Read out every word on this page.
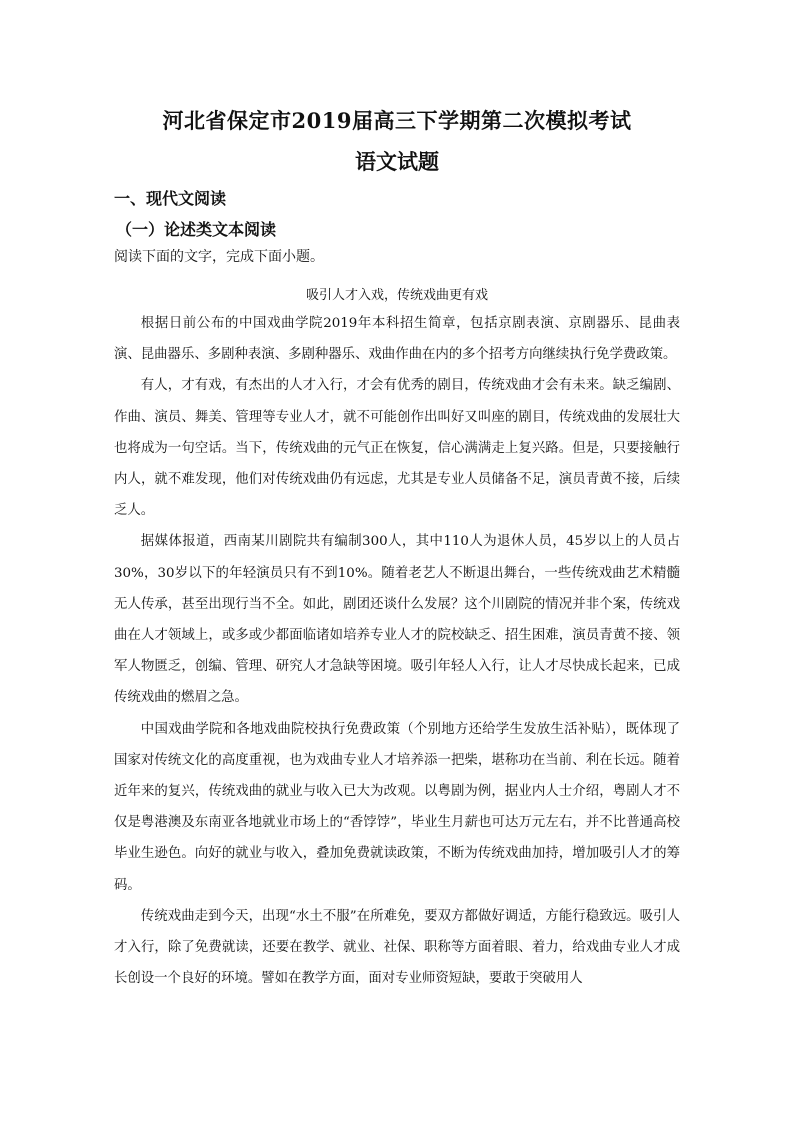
河北省保定市2019届高三下学期第二次模拟考试
语文试题
一、现代文阅读
（一）论述类文本阅读
阅读下面的文字，完成下面小题。
吸引人才入戏，传统戏曲更有戏

根据日前公布的中国戏曲学院2019年本科招生简章，包括京剧表演、京剧器乐、昆曲表演、昆曲器乐、多剧种表演、多剧种器乐、戏曲作曲在内的多个招考方向继续执行免学费政策。

有人，才有戏，有杰出的人才入行，才会有优秀的剧目，传统戏曲才会有未来。缺乏编剧、作曲、演员、舞美、管理等专业人才，就不可能创作出叫好又叫座的剧目，传统戏曲的发展壮大也将成为一句空话。当下，传统戏曲的元气正在恢复，信心满满走上复兴路。但是，只要接触行内人，就不难发现，他们对传统戏曲仍有远虑，尤其是专业人员储备不足，演员青黄不接，后续乏人。

据媒体报道，西南某川剧院共有编制300人，其中110人为退休人员，45岁以上的人员占30%，30岁以下的年轻演员只有不到10%。随着老艺人不断退出舞台，一些传统戏曲艺术精髓无人传承，甚至出现行当不全。如此，剧团还谈什么发展？这个川剧院的情况并非个案，传统戏曲在人才领域上，或多或少都面临诸如培养专业人才的院校缺乏、招生困难，演员青黄不接、领军人物匮乏，创编、管理、研究人才急缺等困境。吸引年轻人入行，让人才尽快成长起来，已成传统戏曲的燃眉之急。

中国戏曲学院和各地戏曲院校执行免费政策（个别地方还给学生发放生活补贴），既体现了国家对传统文化的高度重视，也为戏曲专业人才培养添一把柴，堪称功在当前、利在长远。随着近年来的复兴，传统戏曲的就业与收入已大为改观。以粤剧为例，据业内人士介绍，粤剧人才不仅是粤港澳及东南亚各地就业市场上的“香饽饽”，毕业生月薪也可达万元左右，并不比普通高校毕业生逊色。向好的就业与收入，叠加免费就读政策，不断为传统戏曲加持，增加吸引人才的筹码。

传统戏曲走到今天，出现“水土不服”在所难免，要双方都做好调适，方能行稳致远。吸引人才入行，除了免费就读，还要在教学、就业、社保、职称等方面着眼、着力，给戏曲专业人才成长创设一个良好的环境。譬如在教学方面，面对专业师资短缺，要敢于突破用人
